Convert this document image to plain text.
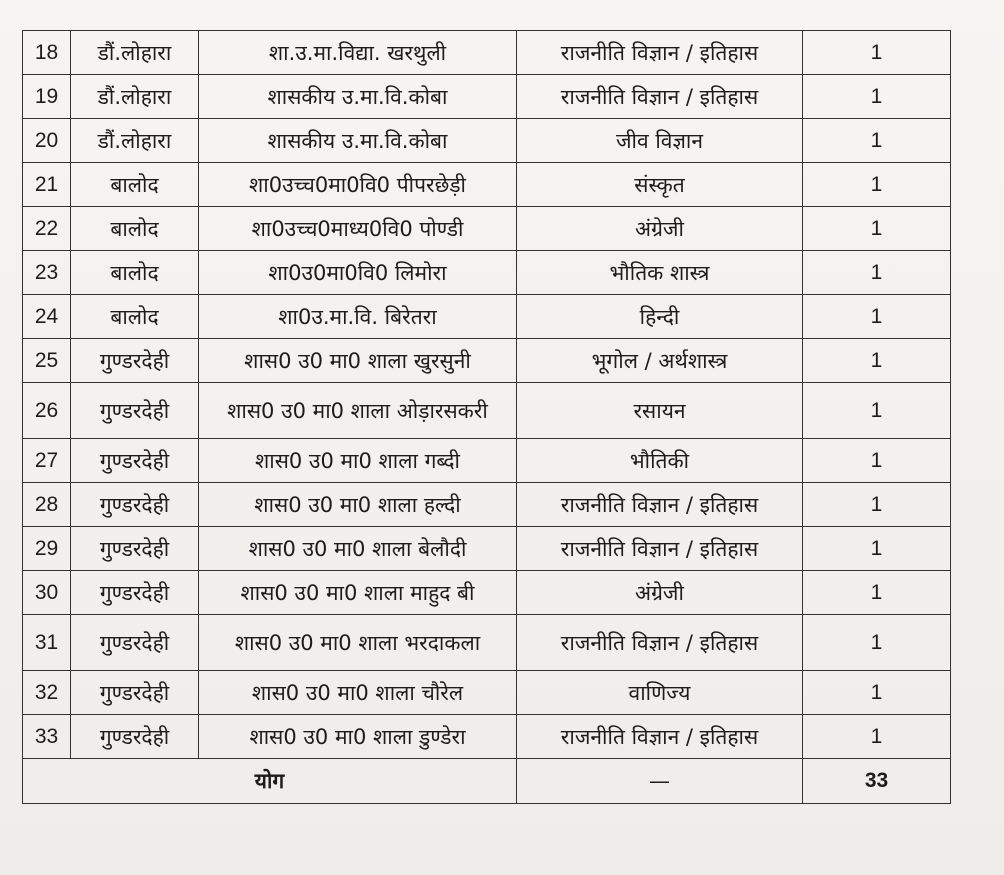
18	डौं.लोहारा	शा.उ.मा.विद्या. खरथुली	राजनीति विज्ञान / इतिहास	1
19	डौं.लोहारा	शासकीय उ.मा.वि.कोबा	राजनीति विज्ञान / इतिहास	1
20	डौं.लोहारा	शासकीय उ.मा.वि.कोबा	जीव विज्ञान	1
21	बालोद	शा0उच्च0मा0वि0 पीपरछेड़ी	संस्कृत	1
22	बालोद	शा0उच्च0माध्य0वि0 पोण्डी	अंग्रेजी	1
23	बालोद	शा0उ0मा0वि0 लिमोरा	भौतिक शास्त्र	1
24	बालोद	शा0उ.मा.वि. बिरेतरा	हिन्दी	1
25	गुण्डरदेही	शास0 उ0 मा0 शाला खुरसुनी	भूगोल / अर्थशास्त्र	1
26	गुण्डरदेही	शास0 उ0 मा0 शाला ओड़ारसकरी	रसायन	1
27	गुण्डरदेही	शास0 उ0 मा0 शाला गब्दी	भौतिकी	1
28	गुण्डरदेही	शास0 उ0 मा0 शाला हल्दी	राजनीति विज्ञान / इतिहास	1
29	गुण्डरदेही	शास0 उ0 मा0 शाला बेलौदी	राजनीति विज्ञान / इतिहास	1
30	गुण्डरदेही	शास0 उ0 मा0 शाला माहुद बी	अंग्रेजी	1
31	गुण्डरदेही	शास0 उ0 मा0 शाला भरदाकला	राजनीति विज्ञान / इतिहास	1
32	गुण्डरदेही	शास0 उ0 मा0 शाला चौरेल	वाणिज्य	1
33	गुण्डरदेही	शास0 उ0 मा0 शाला डुण्डेरा	राजनीति विज्ञान / इतिहास	1
योग			—	33
